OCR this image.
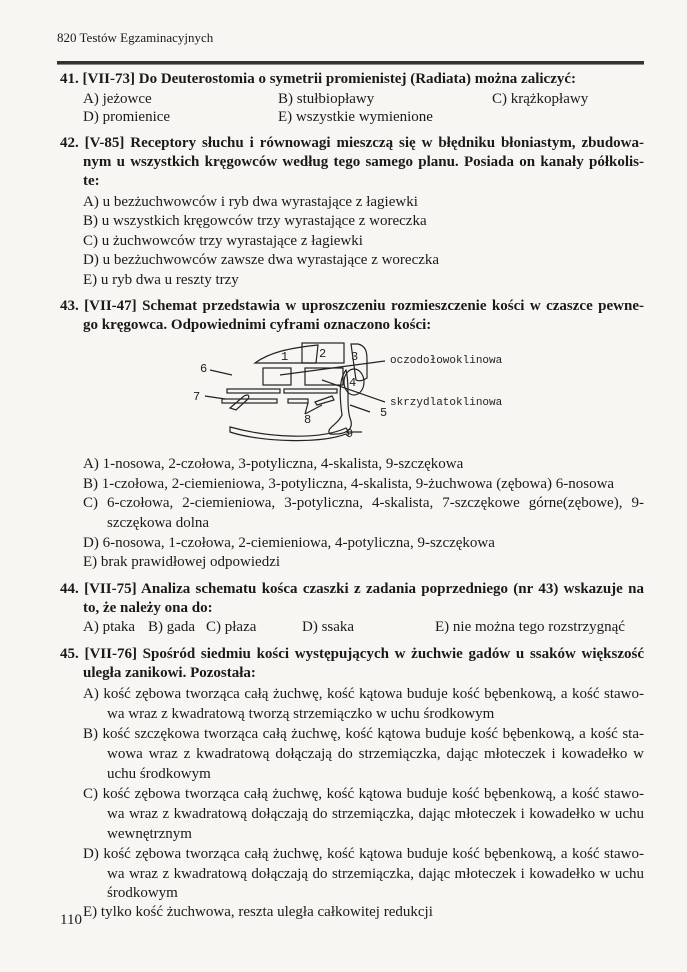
820 Testów Egzaminacyjnych
41. [VII-73] Do Deuterostomia o symetrii promienistej (Radiata) można zaliczyć:
A) jeżowce	B) stułbiopławy	C) krążkopławy
D) promienice	E) wszystkie wymienione
42. [V-85] Receptory słuchu i równowagi mieszczą się w błędniku błoniastym, zbudowa-
nym u wszystkich kręgowców według tego samego planu. Posiada on kanały półkolis-
te:
A) u bezżuchwowców i ryb dwa wyrastające z łagiewki
B) u wszystkich kręgowców trzy wyrastające z woreczka
C) u żuchwowców trzy wyrastające z łagiewki
D) u bezżuchwowców zawsze dwa wyrastające z woreczka
E) u ryb dwa u reszty trzy
43. [VII-47] Schemat przedstawia w uproszczeniu rozmieszczenie kości w czaszce pewne-
go kręgowca. Odpowiednimi cyframi oznaczono kości:
1	2 3
4
5
6
7
8
9
oczodołowoklinowa
skrzydlatoklinowa
A) 1-nosowa, 2-czołowa, 3-potyliczna, 4-skalista, 9-szczękowa
B) 1-czołowa, 2-ciemieniowa, 3-potyliczna, 4-skalista, 9-żuchwowa (zębowa) 6-nosowa
C) 6-czołowa, 2-ciemieniowa, 3-potyliczna, 4-skalista, 7-szczękowe górne(zębowe), 9-
szczękowa dolna
D) 6-nosowa, 1-czołowa, 2-ciemieniowa, 4-potyliczna, 9-szczękowa
E) brak prawidłowej odpowiedzi
44. [VII-75] Analiza schematu kośca czaszki z zadania poprzedniego (nr 43) wskazuje na
to, że należy ona do:
A) ptaka B) gada C) płaza	D) ssaka	E) nie można tego rozstrzygnąć
45. [VII-76] Spośród siedmiu kości występujących w żuchwie gadów u ssaków większość
uległa zanikowi. Pozostała:
A) kość zębowa tworząca całą żuchwę, kość kątowa buduje kość bębenkową, a kość stawo-
wa wraz z kwadratową tworzą strzemiączko w uchu środkowym
B) kość szczękowa tworząca całą żuchwę, kość kątowa buduje kość bębenkową, a kość sta-
wowa wraz z kwadratową dołączają do strzemiączka, dając młoteczek i kowadełko w
uchu środkowym
C) kość zębowa tworząca całą żuchwę, kość kątowa buduje kość bębenkową, a kość stawo-
wa wraz z kwadratową dołączają do strzemiączka, dając młoteczek i kowadełko w uchu
wewnętrznym
D) kość zębowa tworząca całą żuchwę, kość kątowa buduje kość bębenkową, a kość stawo-
wa wraz z kwadratową dołączają do strzemiączka, dając młoteczek i kowadełko w uchu
środkowym
E) tylko kość żuchwowa, reszta uległa całkowitej redukcji
110
